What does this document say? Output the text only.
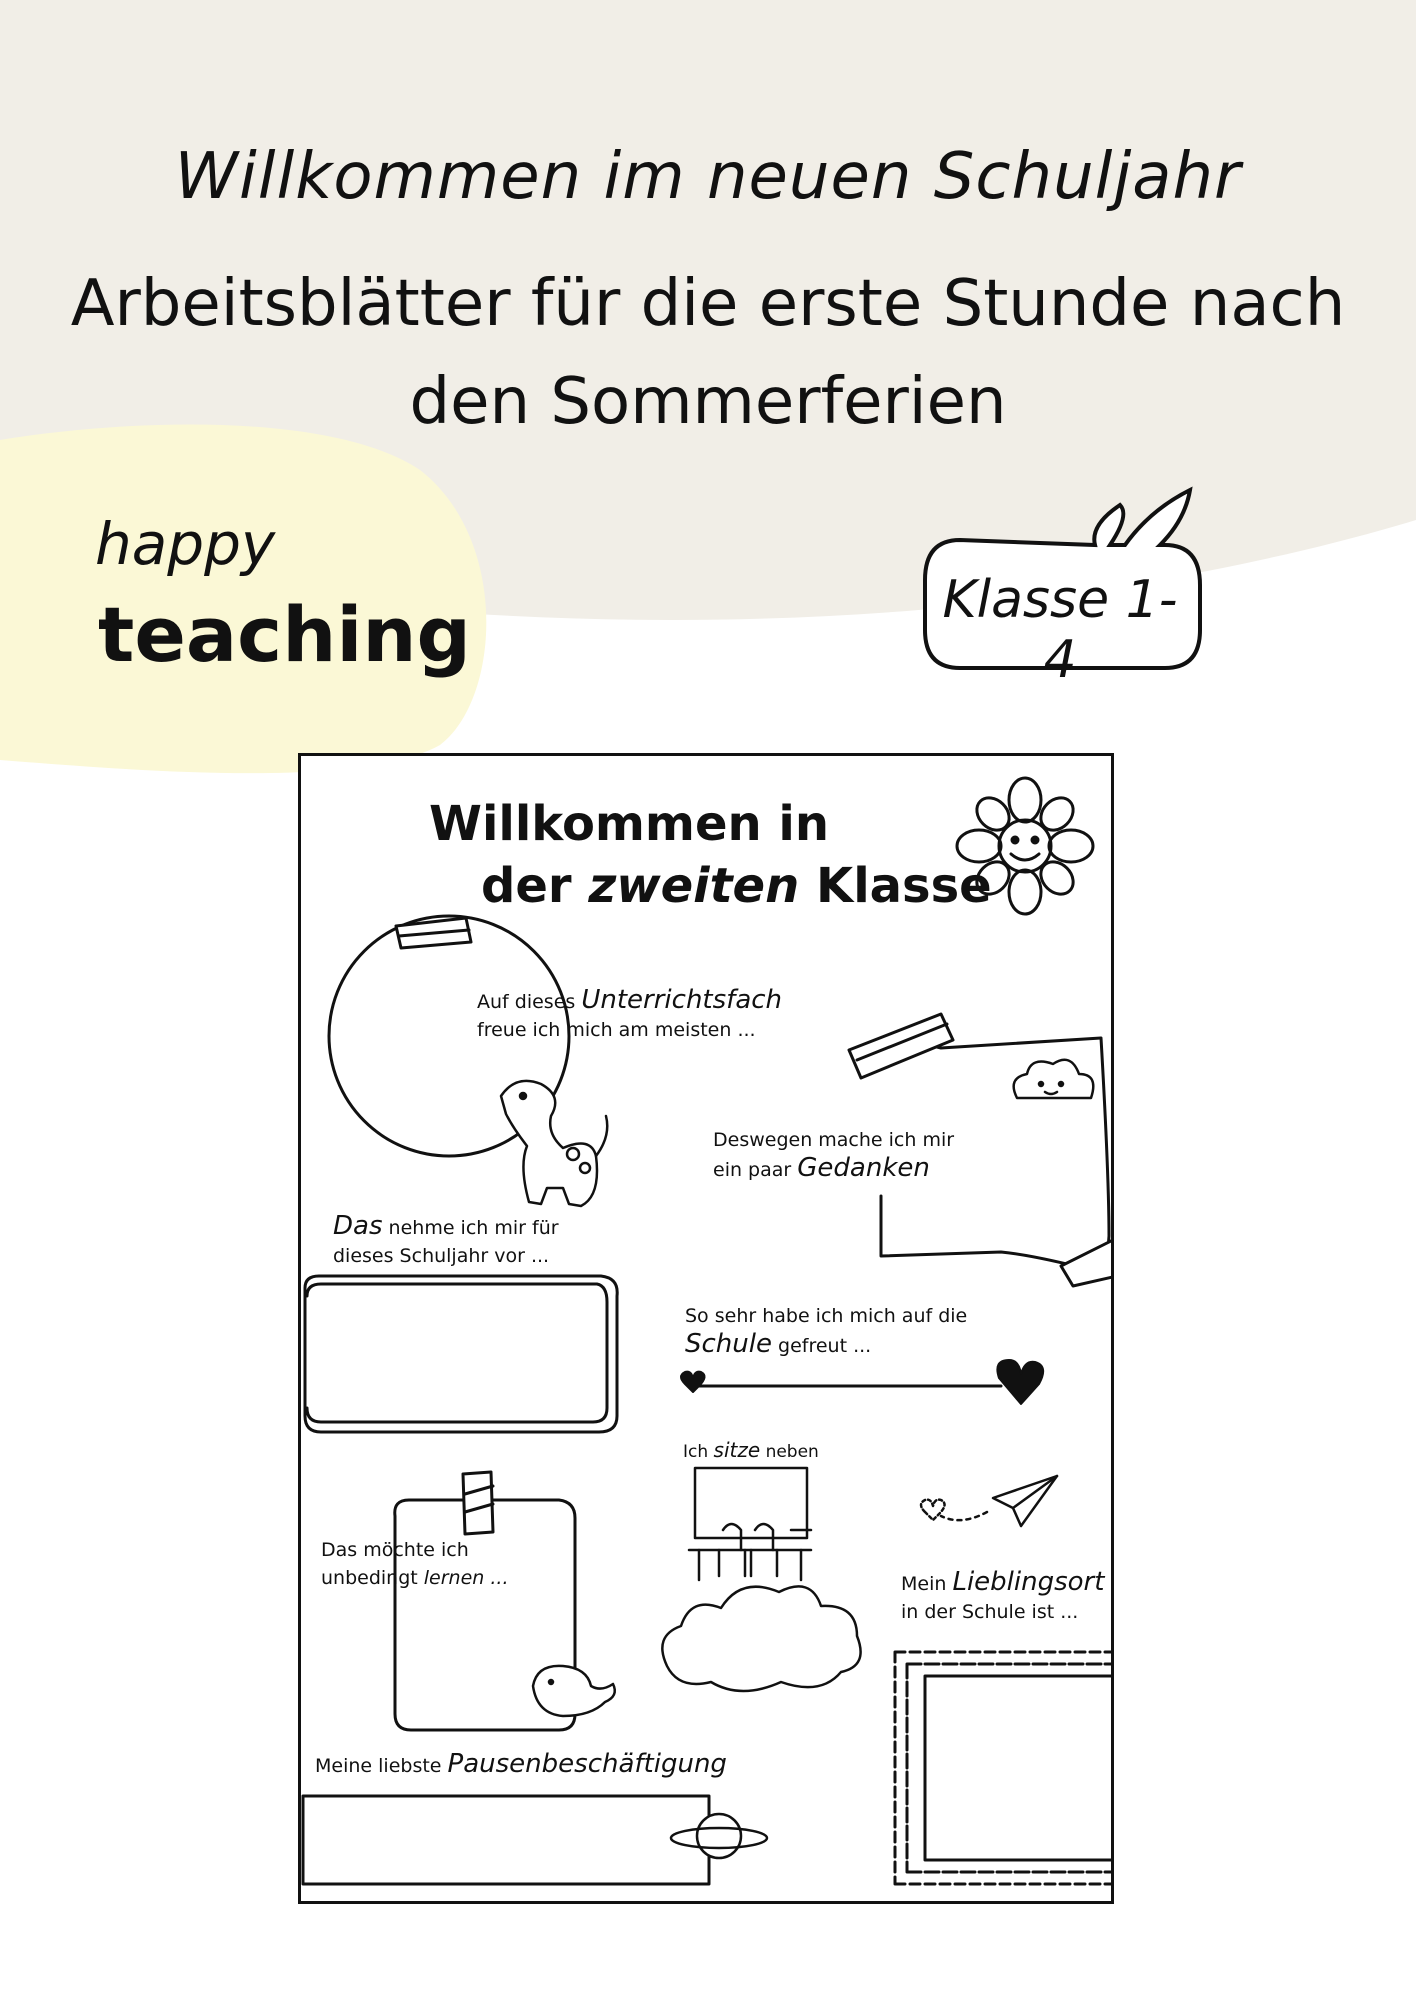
Willkommen im neuen Schuljahr
Arbeitsblätter für die erste Stunde nach
den Sommerferien
happy
teaching	Klasse 1-4
Willkommen in
der zweiten Klasse
Auf dieses Unterrichtsfach
freue ich mich am meisten ...
Deswegen mache ich mir
ein paar Gedanken
Das nehme ich mir für
dieses Schuljahr vor ...
So sehr habe ich mich auf die
Schule gefreut ...
Ich sitze neben
Das möchte ich
unbedingt lernen ...	Mein Lieblingsort
in der Schule ist ...
Meine liebste Pausenbeschäftigung
